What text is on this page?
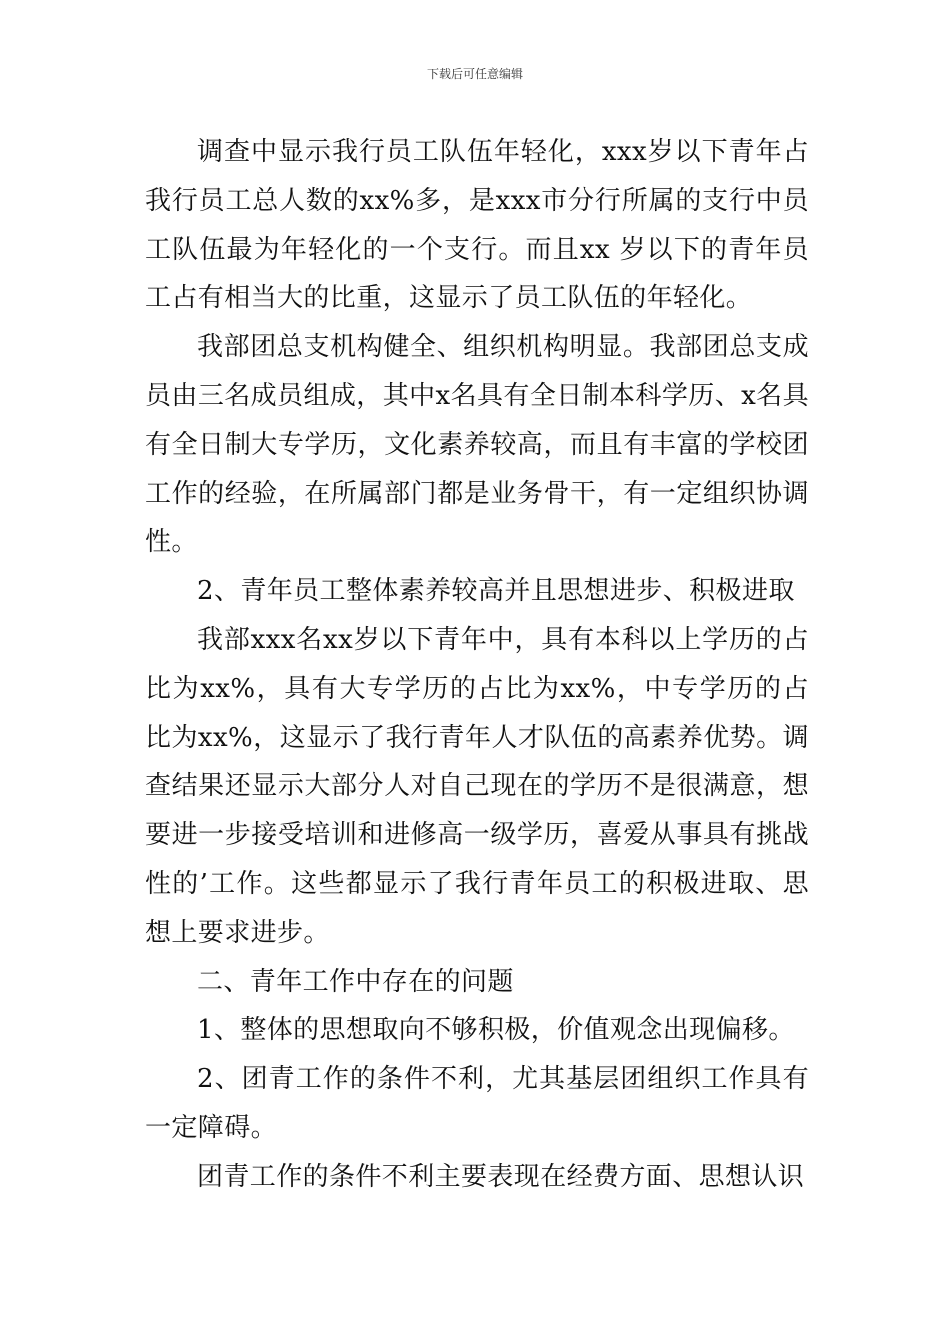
下载后可任意编辑

调查中显示我行员工队伍年轻化，xxx岁以下青年占我行员工总人数的xx%多，是xxx市分行所属的支行中员工队伍最为年轻化的一个支行。而且xx 岁以下的青年员工占有相当大的比重，这显示了员工队伍的年轻化。

我部团总支机构健全、组织机构明显。我部团总支成员由三名成员组成，其中x名具有全日制本科学历、x名具有全日制大专学历，文化素养较高，而且有丰富的学校团工作的经验，在所属部门都是业务骨干，有一定组织协调性。

2、青年员工整体素养较高并且思想进步、积极进取

我部xxx名xx岁以下青年中，具有本科以上学历的占比为xx%，具有大专学历的占比为xx%，中专学历的占比为xx%，这显示了我行青年人才队伍的高素养优势。调查结果还显示大部分人对自己现在的学历不是很满意，想要进一步接受培训和进修高一级学历，喜爱从事具有挑战性的’工作。这些都显示了我行青年员工的积极进取、思想上要求进步。

二、青年工作中存在的问题

1、整体的思想取向不够积极，价值观念出现偏移。

2、团青工作的条件不利，尤其基层团组织工作具有一定障碍。

团青工作的条件不利主要表现在经费方面、思想认识
